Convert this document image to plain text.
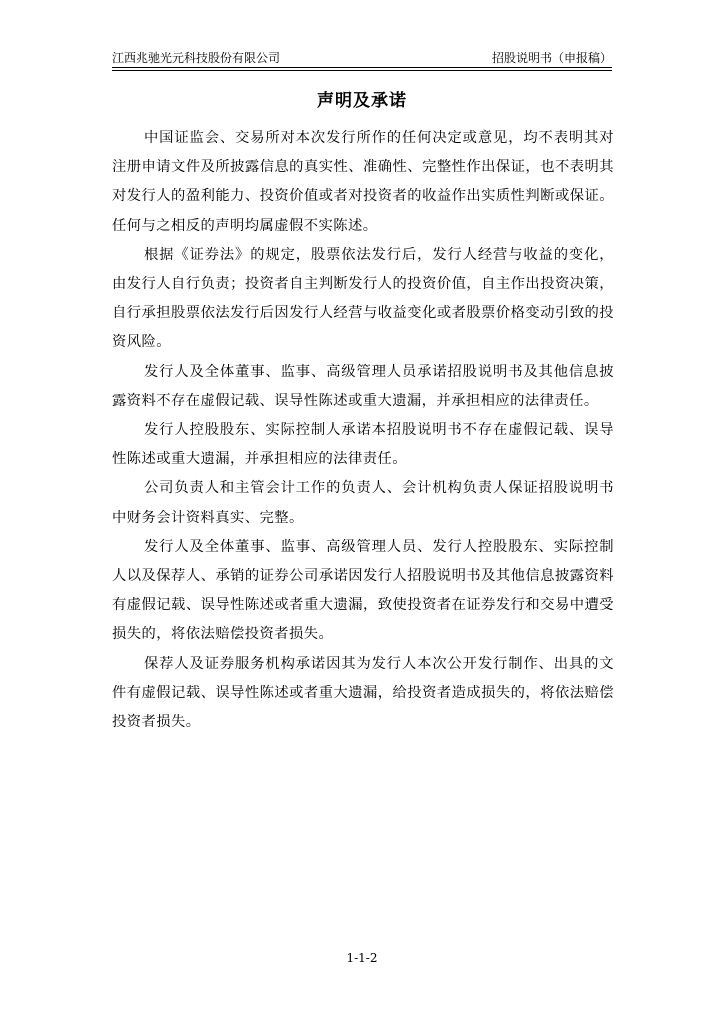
江西兆驰光元科技股份有限公司	招股说明书（申报稿）
声明及承诺

中国证监会、交易所对本次发行所作的任何决定或意见，均不表明其对注册申请文件及所披露信息的真实性、准确性、完整性作出保证，也不表明其对发行人的盈利能力、投资价值或者对投资者的收益作出实质性判断或保证。任何与之相反的声明均属虚假不实陈述。

根据《证券法》的规定，股票依法发行后，发行人经营与收益的变化，由发行人自行负责；投资者自主判断发行人的投资价值，自主作出投资决策，自行承担股票依法发行后因发行人经营与收益变化或者股票价格变动引致的投资风险。

发行人及全体董事、监事、高级管理人员承诺招股说明书及其他信息披露资料不存在虚假记载、误导性陈述或重大遗漏，并承担相应的法律责任。

发行人控股股东、实际控制人承诺本招股说明书不存在虚假记载、误导性陈述或重大遗漏，并承担相应的法律责任。

公司负责人和主管会计工作的负责人、会计机构负责人保证招股说明书中财务会计资料真实、完整。

发行人及全体董事、监事、高级管理人员、发行人控股股东、实际控制人以及保荐人、承销的证券公司承诺因发行人招股说明书及其他信息披露资料有虚假记载、误导性陈述或者重大遗漏，致使投资者在证券发行和交易中遭受损失的，将依法赔偿投资者损失。

保荐人及证券服务机构承诺因其为发行人本次公开发行制作、出具的文件有虚假记载、误导性陈述或者重大遗漏，给投资者造成损失的，将依法赔偿投资者损失。

1-1-2
